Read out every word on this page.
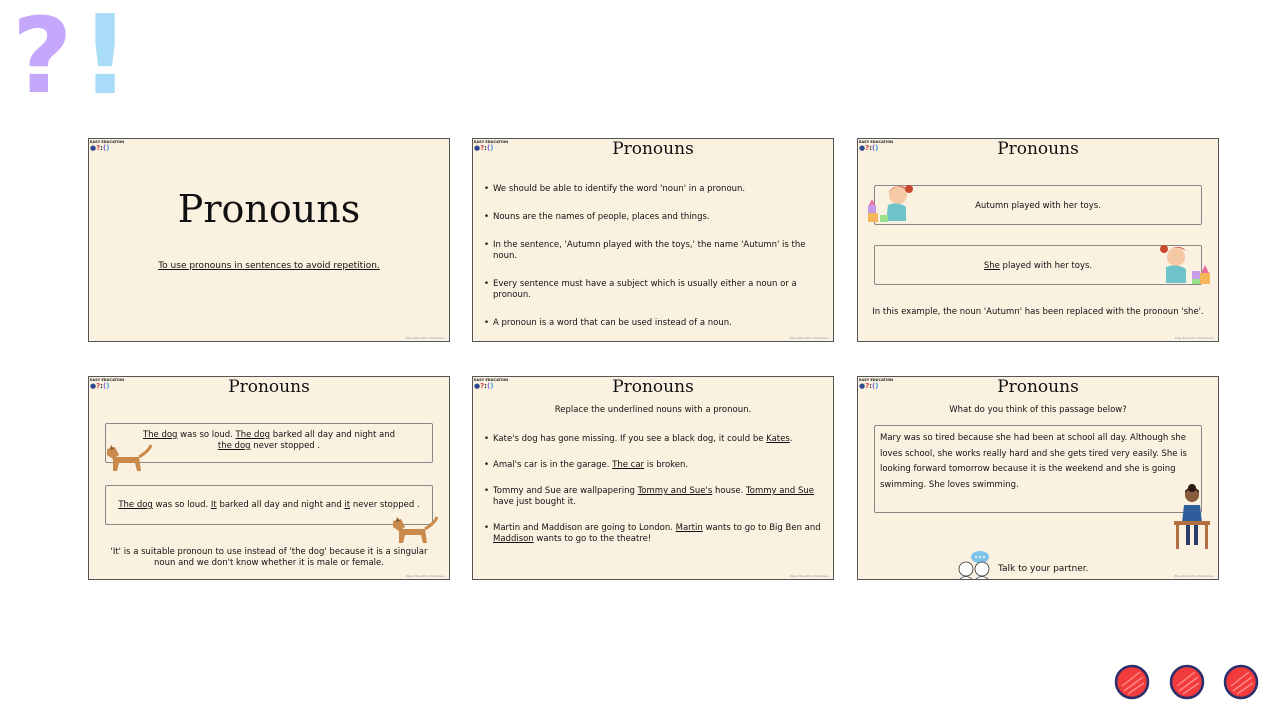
? !
EASY EDUCATION
●?:()
Pronouns
To use pronouns in sentences to avoid repetition.
Easy Education Publishers
EASY EDUCATION
●?:()	Pronouns
• We should be able to identify the word 'noun' in a pronoun.
• Nouns are the names of people, places and things.
• In the sentence, 'Autumn played with the toys,' the name 'Autumn' is the noun.
• Every sentence must have a subject which is usually either a noun or a pronoun.
• A pronoun is a word that can be used instead of a noun.
Easy Education Publishers
EASY EDUCATION
●?:()	Pronouns
Autumn played with her toys.
She played with her toys.
In this example, the noun 'Autumn' has been replaced with the pronoun 'she'.
Easy Education Publishers
EASY EDUCATION
●?:()	Pronouns
The dog was so loud. The dog barked all day and night and the dog never stopped .
The dog was so loud. It barked all day and night and it never stopped .
'It' is a suitable pronoun to use instead of 'the dog' because it is a singular noun and we don't know whether it is male or female.
Easy Education Publishers
EASY EDUCATION
●?:()	Pronouns
Replace the underlined nouns with a pronoun.
• Kate's dog has gone missing. If you see a black dog, it could be Kates.
• Amal's car is in the garage. The car is broken.
• Tommy and Sue are wallpapering Tommy and Sue's house. Tommy and Sue have just bought it.
• Martin and Maddison are going to London. Martin wants to go to Big Ben and Maddison wants to go to the theatre!
Easy Education Publishers
EASY EDUCATION
●?:()	Pronouns
What do you think of this passage below?
Mary was so tired because she had been at school all day. Although she loves school, she works really hard and she gets tired very easily. She is looking forward tomorrow because it is the weekend and she is going swimming. She loves swimming.
Talk to your partner.
Easy Education Publishers
